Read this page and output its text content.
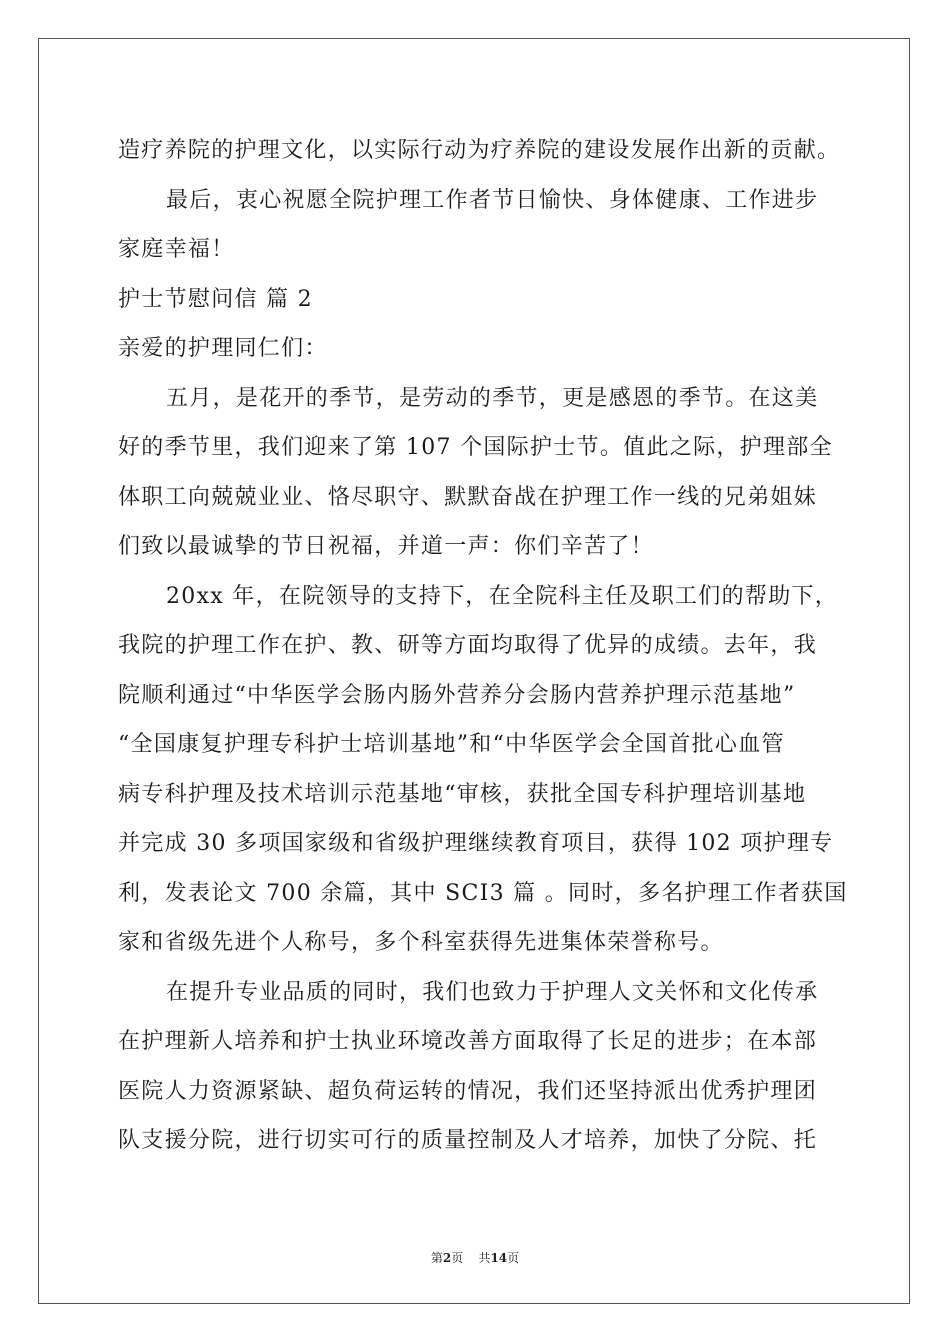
造疗养院的护理文化，以实际行动为疗养院的建设发展作出新的贡献。
最后，衷心祝愿全院护理工作者节日愉快、身体健康、工作进步
家庭幸福！
护士节慰问信 篇 2
亲爱的护理同仁们：
五月，是花开的季节，是劳动的季节，更是感恩的季节。在这美
好的季节里，我们迎来了第 107 个国际护士节。值此之际，护理部全
体职工向兢兢业业、恪尽职守、默默奋战在护理工作一线的兄弟姐妹
们致以最诚挚的节日祝福，并道一声：你们辛苦了！
20xx 年，在院领导的支持下，在全院科主任及职工们的帮助下，
我院的护理工作在护、教、研等方面均取得了优异的成绩。去年，我
院顺利通过“中华医学会肠内肠外营养分会肠内营养护理示范基地”
“全国康复护理专科护士培训基地”和“中华医学会全国首批心血管
病专科护理及技术培训示范基地“审核，获批全国专科护理培训基地
并完成 30 多项国家级和省级护理继续教育项目，获得 102 项护理专
利，发表论文 700 余篇，其中 SCI3 篇 。同时，多名护理工作者获国
家和省级先进个人称号，多个科室获得先进集体荣誉称号。
在提升专业品质的同时，我们也致力于护理人文关怀和文化传承
在护理新人培养和护士执业环境改善方面取得了长足的进步；在本部
医院人力资源紧缺、超负荷运转的情况，我们还坚持派出优秀护理团
队支援分院，进行切实可行的质量控制及人才培养，加快了分院、托
第2页    共14页
